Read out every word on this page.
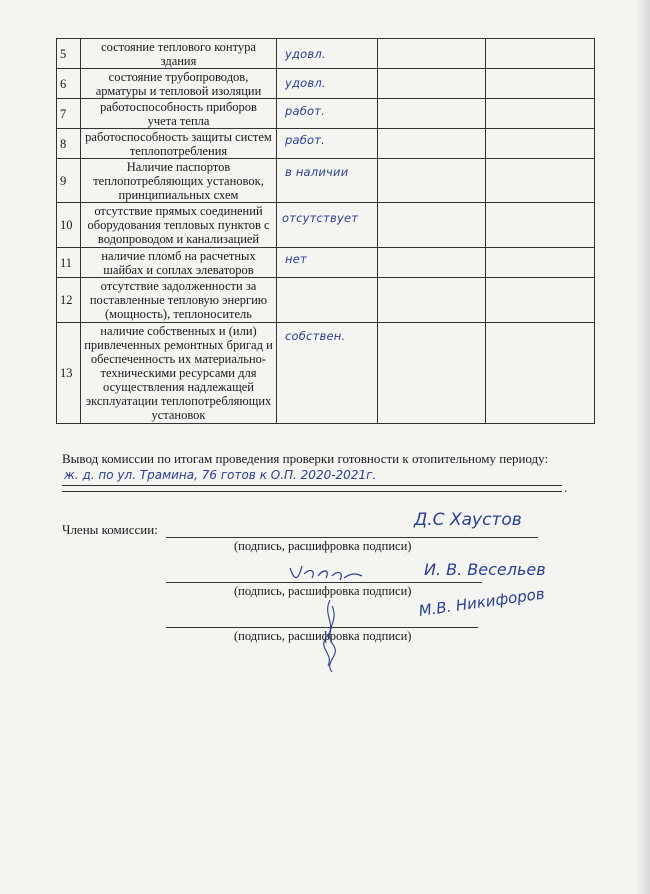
5	состояние теплового контура здания	удовл.		

6	состояние трубопроводов, арматуры и тепловой изоляции	удовл.		

7	работоспособность приборов учета тепла	работ.		

8	работоспособность защиты систем теплопотребления	работ.		

9	Наличие паспортов теплопотребляющих установок, принципиальных схем	в наличии		

10	отсутствие прямых соединений оборудования тепловых пунктов с водопроводом и канализацией	отсутствует		

11	наличие пломб на расчетных шайбах и соплах элеваторов	нет		

12	отсутствие задолженности за поставленные тепловую энергию (мощность), теплоноситель	

13	наличие собственных и (или) привлеченных ремонтных бригад и обеспеченность их материально-техническими ресурсами для осуществления надлежащей эксплуатации теплопотребляющих установок	собствен.		

Вывод комиссии по итогам проведения проверки готовности к отопительному периоду:
ж. д. по ул. Трамина, 76 готов к О.П. 2020-2021г.
.
Члены комиссии:	Д.С Хаустов
(подпись, расшифровка подписи)
И. В. Весельев
(подпись, расшифровка подписи) М.В. Никифоров
(подпись, расшифровка подписи)
